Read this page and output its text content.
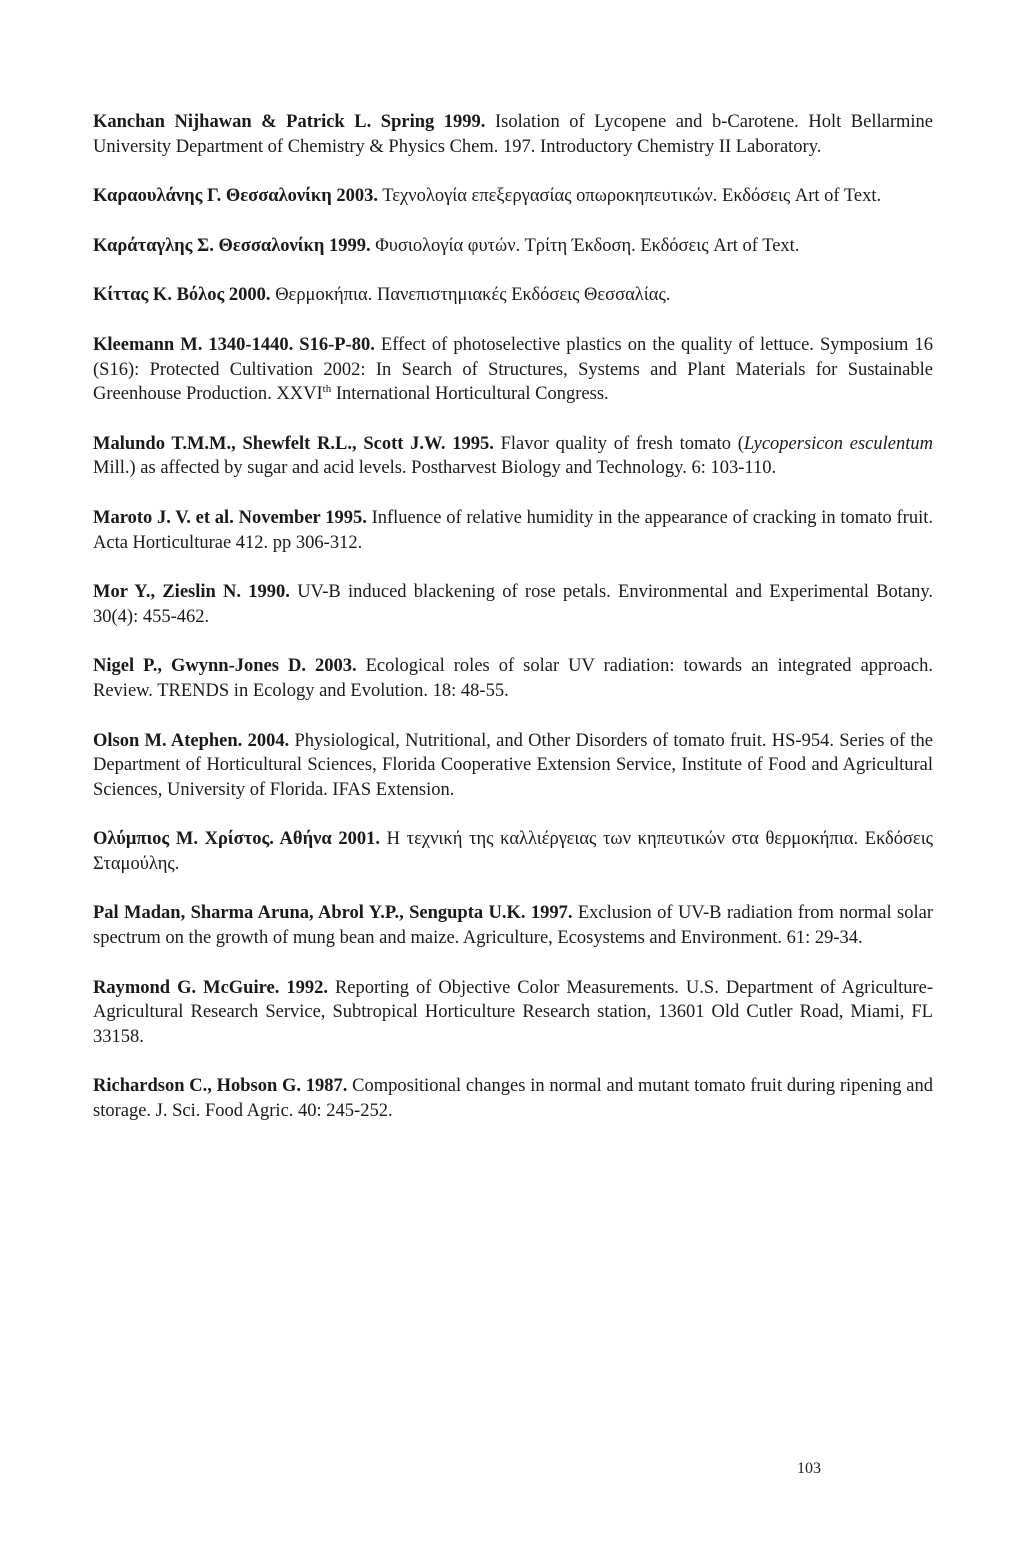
Kanchan Nijhawan & Patrick L. Spring 1999. Isolation of Lycopene and b-Carotene. Holt Bellarmine University Department of Chemistry & Physics Chem. 197. Introductory Chemistry II Laboratory.

Καραουλάνης Γ. Θεσσαλονίκη 2003. Τεχνολογία επεξεργασίας οπωροκηπευτικών. Εκδόσεις Art of Text.

Καράταγλης Σ. Θεσσαλονίκη 1999. Φυσιολογία φυτών. Τρίτη Έκδοση. Εκδόσεις Art of Text.

Κίττας Κ. Βόλος 2000. Θερμοκήπια. Πανεπιστημιακές Εκδόσεις Θεσσαλίας.

Kleemann M. 1340-1440. S16-P-80. Effect of photoselective plastics on the quality of lettuce. Symposium 16 (S16): Protected Cultivation 2002: In Search of Structures, Systems and Plant Materials for Sustainable Greenhouse Production. XXVIth International Horticultural Congress.

Malundo T.M.M., Shewfelt R.L., Scott J.W. 1995. Flavor quality of fresh tomato (Lycopersicon esculentum Mill.) as affected by sugar and acid levels. Postharvest Biology and Technology. 6: 103-110.

Maroto J. V. et al. November 1995. Influence of relative humidity in the appearance of cracking in tomato fruit. Acta Horticulturae 412. pp 306-312.

Mor Y., Zieslin N. 1990. UV-B induced blackening of rose petals. Environmental and Experimental Botany. 30(4): 455-462.

Nigel P., Gwynn-Jones D. 2003. Ecological roles of solar UV radiation: towards an integrated approach. Review. TRENDS in Ecology and Evolution. 18: 48-55.

Olson M. Atephen. 2004. Physiological, Nutritional, and Other Disorders of tomato fruit. HS-954. Series of the Department of Horticultural Sciences, Florida Cooperative Extension Service, Institute of Food and Agricultural Sciences, University of Florida. IFAS Extension.

Ολύμπιος Μ. Χρίστος. Αθήνα 2001. Η τεχνική της καλλιέργειας των κηπευτικών στα θερμοκήπια. Εκδόσεις Σταμούλης.

Pal Madan, Sharma Aruna, Abrol Y.P., Sengupta U.K. 1997. Exclusion of UV-B radiation from normal solar spectrum on the growth of mung bean and maize. Agriculture, Ecosystems and Environment. 61: 29-34.

Raymond G. McGuire. 1992. Reporting of Objective Color Measurements. U.S. Department of Agriculture-Agricultural Research Service, Subtropical Horticulture Research station, 13601 Old Cutler Road, Miami, FL 33158.

Richardson C., Hobson G. 1987. Compositional changes in normal and mutant tomato fruit during ripening and storage. J. Sci. Food Agric. 40: 245-252.

103
